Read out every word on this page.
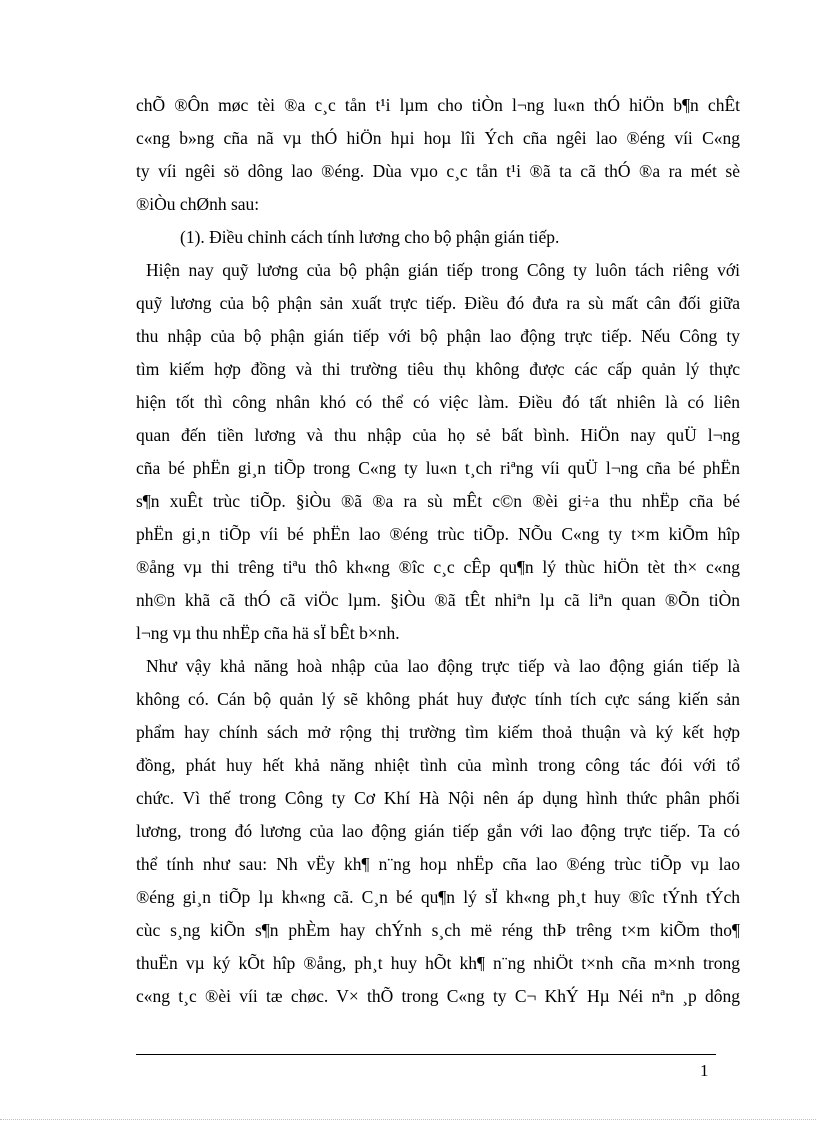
chÕ ®Ôn møc tèi ®a c¸c tån t¹i lµm cho tiÒn l¬ng lu«n thÓ hiÖn b¶n chÊt
c«ng b»ng cña nã vµ thÓ hiÖn hµi hoµ lîi Ých cña ngêi lao ®éng víi C«ng
ty víi ngêi sö dông lao ®éng. Dùa vµo c¸c tån t¹i ®ã ta cã thÓ ®a ra mét sè
®iÒu chØnh sau:
(1). Điều chỉnh cách tính lương cho bộ phận gián tiếp.
Hiện nay quỹ lương của bộ phận gián tiếp trong Công ty luôn tách riêng với
quỹ lương của bộ phận sản xuất trực tiếp. Điều đó đưa ra sù mất cân đối giữa
thu nhập của bộ phận gián tiếp với bộ phận lao động trực tiếp. Nếu Công ty
tìm kiếm hợp đồng và thi trường tiêu thụ không được các cấp quản lý thực
hiện tốt thì công nhân khó có thể có việc làm. Điều đó tất nhiên là có liên
quan đến tiền lương và thu nhập của họ sẻ bất bình. HiÖn nay quÜ l¬ng
cña bé phËn gi¸n tiÕp trong C«ng ty lu«n t¸ch riªng víi quÜ l¬ng cña bé phËn
s¶n xuÊt trùc tiÕp. §iÒu ®ã ®a ra sù mÊt c©n ®èi gi÷a thu nhËp cña bé
phËn gi¸n tiÕp víi bé phËn lao ®éng trùc tiÕp. NÕu C«ng ty t×m kiÕm hîp
®ång vµ thi trêng tiªu thô kh«ng ®îc c¸c cÊp qu¶n lý thùc hiÖn tèt th× c«ng
nh©n khã cã thÓ cã viÖc lµm. §iÒu ®ã tÊt nhiªn lµ cã liªn quan ®Õn tiÒn
l¬ng vµ thu nhËp cña hä sÏ bÊt b×nh.
Như vậy khả năng hoà nhập của lao động trực tiếp và lao động gián tiếp là
không có. Cán bộ quản lý sẽ không phát huy được tính tích cực sáng kiến sản
phẩm hay chính sách mở rộng thị trường tìm kiếm thoả thuận và ký kết hợp
đồng, phát huy hết khả năng nhiệt tình của mình trong công tác đói với tổ
chức. Vì thế trong Công ty Cơ Khí Hà Nội nên áp dụng hình thức phân phối
lương, trong đó lương của lao động gián tiếp gắn với lao động trực tiếp. Ta có
thể tính như sau: Nh vËy kh¶ n¨ng hoµ nhËp cña lao ®éng trùc tiÕp vµ lao
®éng gi¸n tiÕp lµ kh«ng cã. C¸n bé qu¶n lý sÏ kh«ng ph¸t huy ®îc tÝnh tÝch
cùc s¸ng kiÕn s¶n phÈm hay chÝnh s¸ch më réng thÞ trêng t×m kiÕm tho¶
thuËn vµ ký kÕt hîp ®ång, ph¸t huy hÕt kh¶ n¨ng nhiÖt t×nh cña m×nh trong
c«ng t¸c ®èi víi tæ chøc. V× thÕ trong C«ng ty C¬ KhÝ Hµ Néi nªn ¸p dông
1
